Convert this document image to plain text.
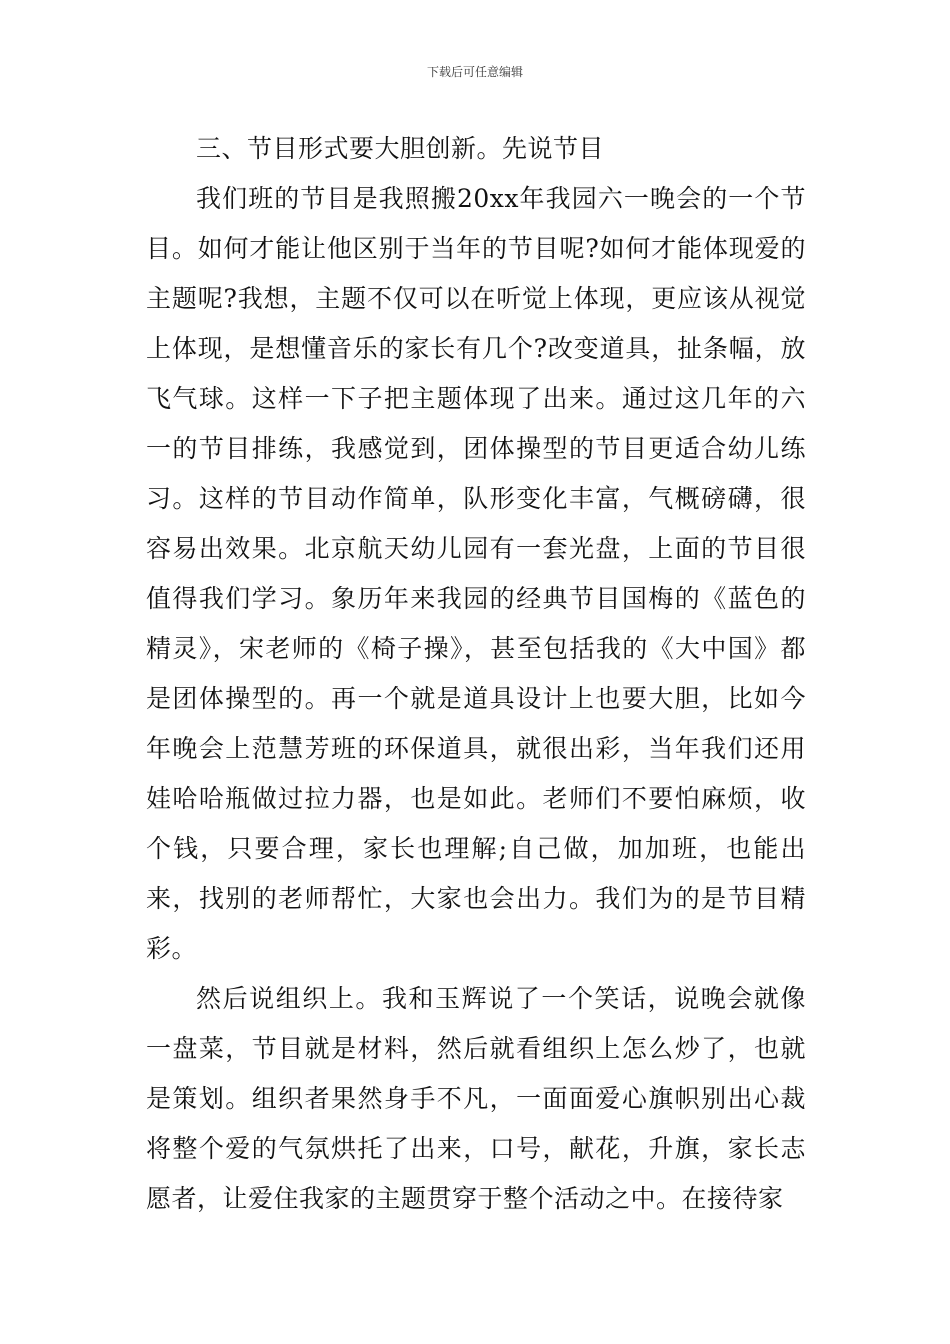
下载后可任意编辑

三、节目形式要大胆创新。先说节目

我们班的节目是我照搬20xx年我园六一晚会的一个节目。如何才能让他区别于当年的节目呢?如何才能体现爱的主题呢?我想，主题不仅可以在听觉上体现，更应该从视觉上体现，是想懂音乐的家长有几个?改变道具，扯条幅，放飞气球。这样一下子把主题体现了出来。通过这几年的六一的节目排练，我感觉到，团体操型的节目更适合幼儿练习。这样的节目动作简单，队形变化丰富，气概磅礴，很容易出效果。北京航天幼儿园有一套光盘，上面的节目很值得我们学习。象历年来我园的经典节目国梅的《蓝色的精灵》，宋老师的《椅子操》，甚至包括我的《大中国》都是团体操型的。再一个就是道具设计上也要大胆，比如今年晚会上范慧芳班的环保道具，就很出彩，当年我们还用娃哈哈瓶做过拉力器，也是如此。老师们不要怕麻烦，收个钱，只要合理，家长也理解;自己做，加加班，也能出来，找别的老师帮忙，大家也会出力。我们为的是节目精彩。

然后说组织上。我和玉辉说了一个笑话，说晚会就像一盘菜，节目就是材料，然后就看组织上怎么炒了，也就是策划。组织者果然身手不凡，一面面爱心旗帜别出心裁将整个爱的气氛烘托了出来，口号，献花，升旗，家长志愿者，让爱住我家的主题贯穿于整个活动之中。在接待家
